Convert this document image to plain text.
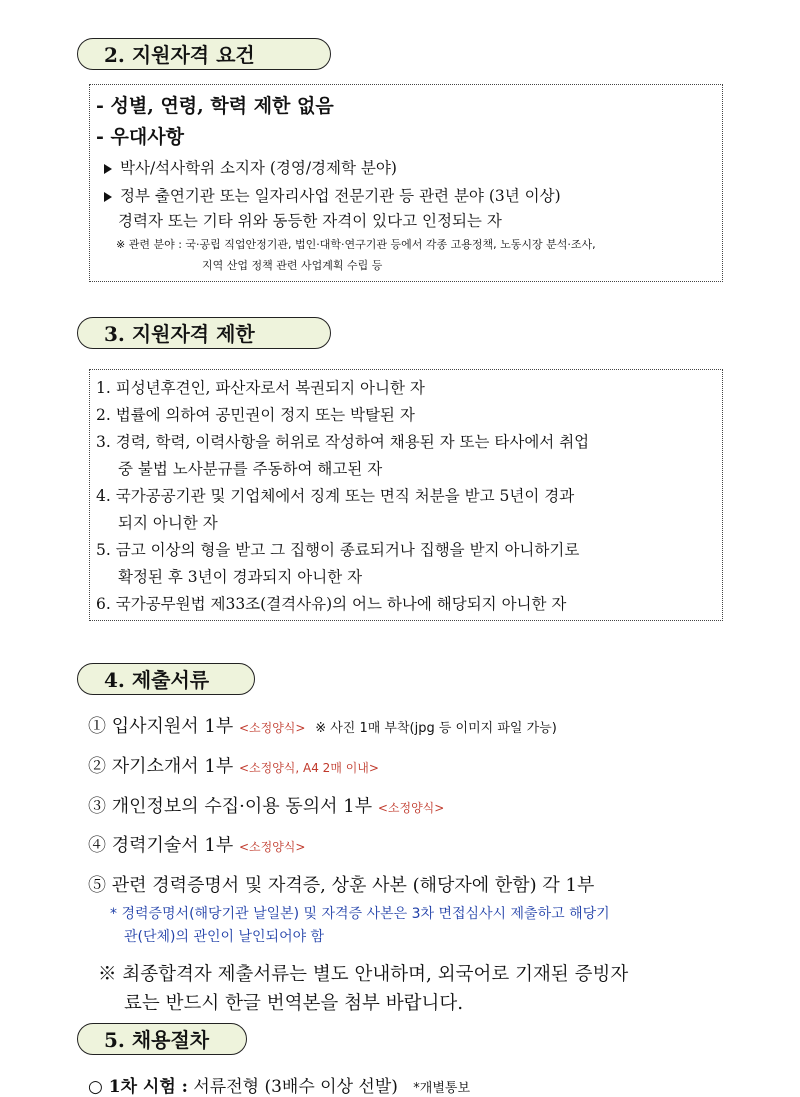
2. 지원자격 요건
- 성별, 연령, 학력 제한 없음
- 우대사항
박사/석사학위 소지자 (경영/경제학 분야)
정부 출연기관 또는 일자리사업 전문기관 등 관련 분야 (3년 이상)
경력자 또는 기타 위와 동등한 자격이 있다고 인정되는 자
※ 관련 분야 : 국·공립 직업안정기관, 법인·대학·연구기관 등에서 각종 고용정책, 노동시장 분석·조사,
지역 산업 정책 관련 사업계획 수립 등
3. 지원자격 제한
1. 피성년후견인, 파산자로서 복권되지 아니한 자
2. 법률에 의하여 공민권이 정지 또는 박탈된 자
3. 경력, 학력, 이력사항을 허위로 작성하여 채용된 자 또는 타사에서 취업
중 불법 노사분규를 주동하여 해고된 자
4. 국가공공기관 및 기업체에서 징계 또는 면직 처분을 받고 5년이 경과
되지 아니한 자
5. 금고 이상의 형을 받고 그 집행이 종료되거나 집행을 받지 아니하기로
확정된 후 3년이 경과되지 아니한 자
6. 국가공무원법 제33조(결격사유)의 어느 하나에 해당되지 아니한 자
4. 제출서류
① 입사지원서 1부 <소정양식> ※ 사진 1매 부착(jpg 등 이미지 파일 가능)
② 자기소개서 1부 <소정양식, A4 2매 이내>
③ 개인정보의 수집·이용 동의서 1부 <소정양식>
④ 경력기술서 1부 <소정양식>
⑤ 관련 경력증명서 및 자격증, 상훈 사본 (해당자에 한함) 각 1부
* 경력증명서(해당기관 날일본) 및 자격증 사본은 3차 면접심사시 제출하고 해당기
관(단체)의 관인이 날인되어야 함
※ 최종합격자 제출서류는 별도 안내하며, 외국어로 기재된 증빙자
료는 반드시 한글 번역본을 첨부 바랍니다.
5. 채용절차
○ 1차 시험 : 서류전형 (3배수 이상 선발) *개별통보
